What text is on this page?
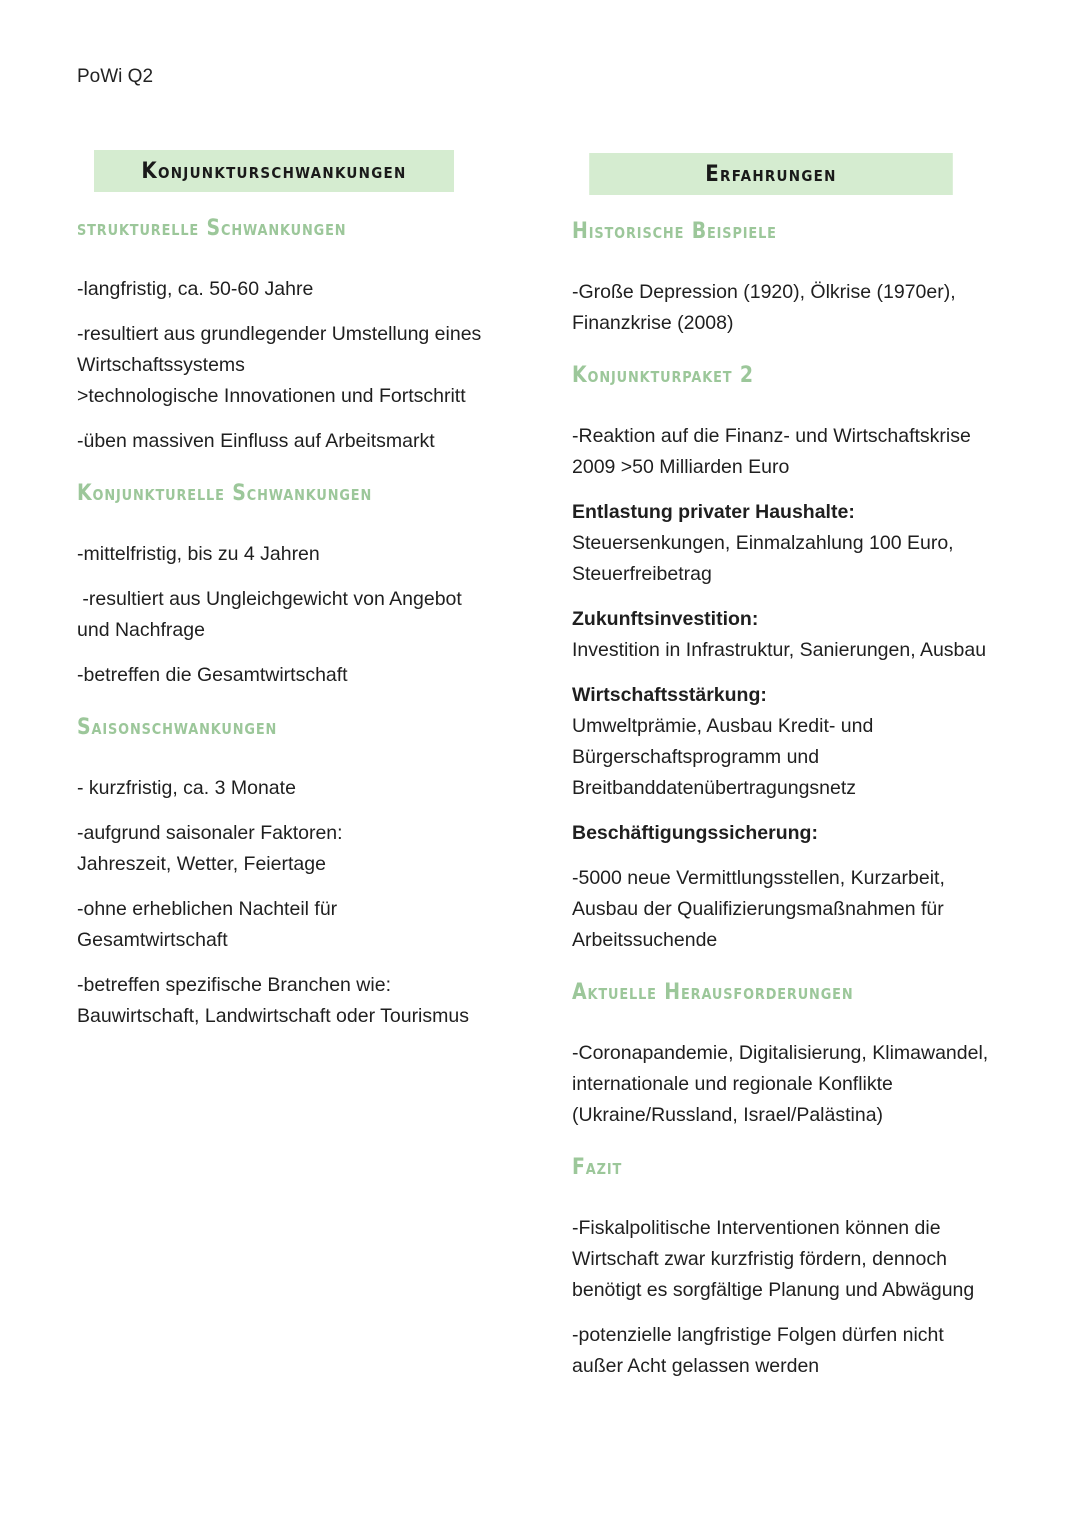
PoWi Q2
Konjunkturschwankungen
strukturelle Schwankungen

-langfristig, ca. 50-60 Jahre

-resultiert aus grundlegender Umstellung eines Wirtschaftssystems

>technologische Innovationen und Fortschritt

-üben massiven Einfluss auf Arbeitsmarkt

Konjunkturelle Schwankungen

-mittelfristig, bis zu 4 Jahren

-resultiert aus Ungleichgewicht von Angebot und Nachfrage

-betreffen die Gesamtwirtschaft

Saisonschwankungen

- kurzfristig, ca. 3 Monate

-aufgrund saisonaler Faktoren:

Jahreszeit, Wetter, Feiertage

-ohne erheblichen Nachteil für Gesamtwirtschaft

-betreffen spezifische Branchen wie:

Bauwirtschaft, Landwirtschaft oder Tourismus

Erfahrungen
Historische Beispiele

-Große Depression (1920), Ölkrise (1970er), Finanzkrise (2008)

Konjunkturpaket 2

-Reaktion auf die Finanz- und Wirtschaftskrise 2009 >50 Milliarden Euro

Entlastung privater Haushalte:

Steuersenkungen, Einmalzahlung 100 Euro, Steuerfreibetrag

Zukunftsinvestition:

Investition in Infrastruktur, Sanierungen, Ausbau

Wirtschaftsstärkung:

Umweltprämie, Ausbau Kredit- und Bürgerschaftsprogramm und Breitbanddatenübertragungsnetz

Beschäftigungssicherung:

-5000 neue Vermittlungsstellen, Kurzarbeit, Ausbau der Qualifizierungsmaßnahmen für Arbeitssuchende

Aktuelle Herausforderungen

-Coronapandemie, Digitalisierung, Klimawandel, internationale und regionale Konflikte (Ukraine/Russland, Israel/Palästina)

Fazit

-Fiskalpolitische Interventionen können die Wirtschaft zwar kurzfristig fördern, dennoch benötigt es sorgfältige Planung und Abwägung

-potenzielle langfristige Folgen dürfen nicht außer Acht gelassen werden
